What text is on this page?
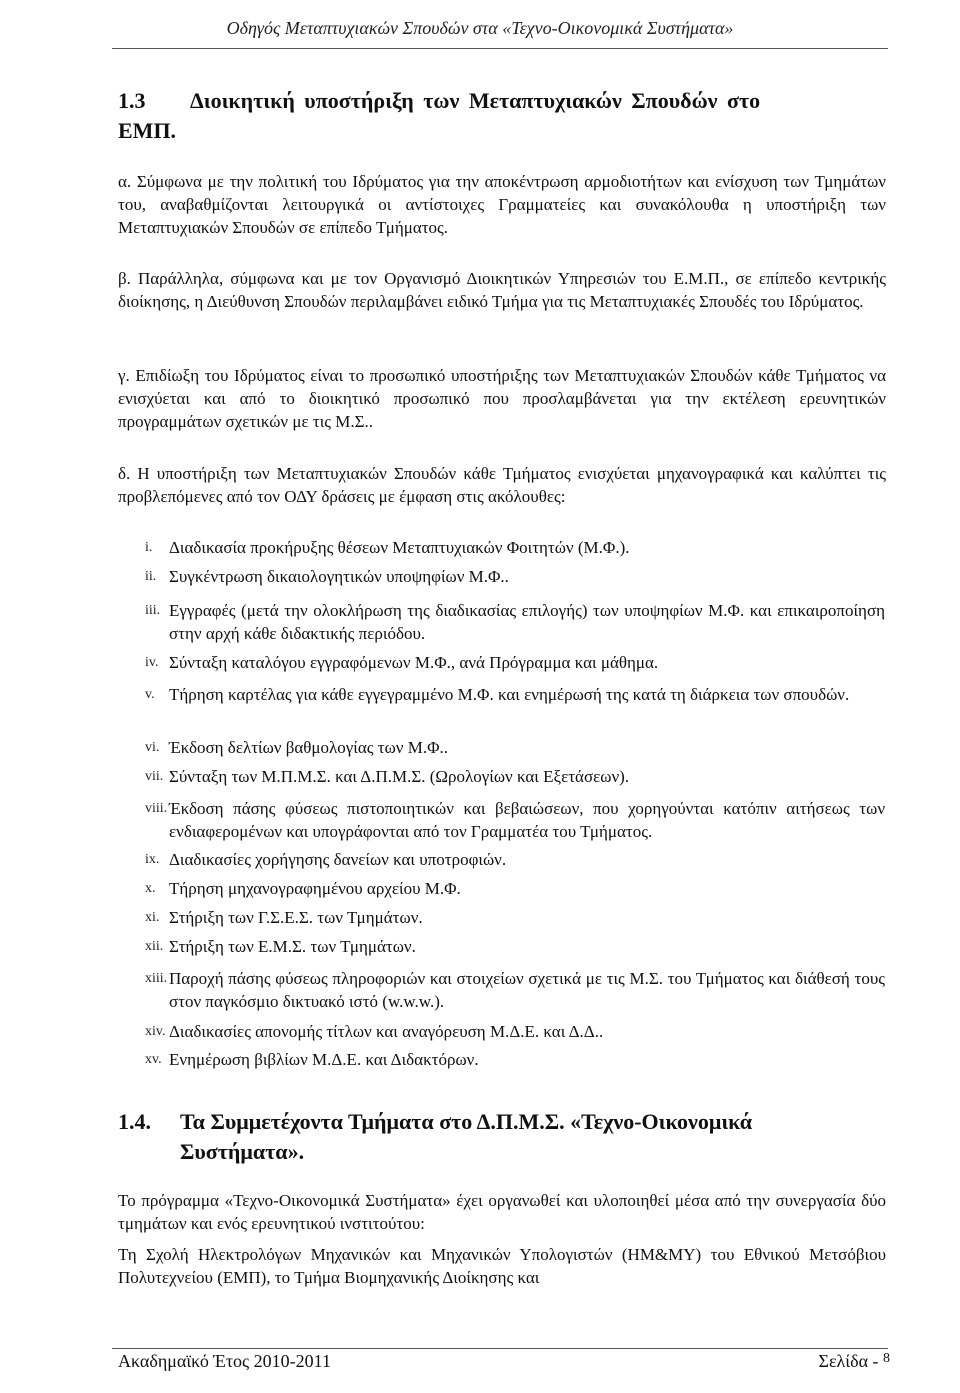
Οδηγός Μεταπτυχιακών Σπουδών στα «Τεχνο-Οικονομικά Συστήματα»
1.3 Διοικητική υποστήριξη των Μεταπτυχιακών Σπουδών στο
ΕΜΠ.

α. Σύμφωνα με την πολιτική του Ιδρύματος για την αποκέντρωση αρμοδιοτήτων και ενίσχυση των Τμημάτων του, αναβαθμίζονται λειτουργικά οι αντίστοιχες Γραμματείες και συνακόλουθα η υποστήριξη των Μεταπτυχιακών Σπουδών σε επίπεδο Τμήματος.

β. Παράλληλα, σύμφωνα και με τον Οργανισμό Διοικητικών Υπηρεσιών του Ε.Μ.Π., σε επίπεδο κεντρικής διοίκησης, η Διεύθυνση Σπουδών περιλαμβάνει ειδικό Τμήμα για τις Μεταπτυχιακές Σπουδές του Ιδρύματος.

γ. Επιδίωξη του Ιδρύματος είναι το προσωπικό υποστήριξης των Μεταπτυχιακών Σπουδών κάθε Τμήματος να ενισχύεται και από το διοικητικό προσωπικό που προσλαμβάνεται για την εκτέλεση ερευνητικών προγραμμάτων σχετικών με τις Μ.Σ..

δ. Η υποστήριξη των Μεταπτυχιακών Σπουδών κάθε Τμήματος ενισχύεται μηχανογραφικά και καλύπτει τις προβλεπόμενες από τον ΟΔΥ δράσεις με έμφαση στις ακόλουθες:

i. Διαδικασία προκήρυξης θέσεων Μεταπτυχιακών Φοιτητών (Μ.Φ.).
ii. Συγκέντρωση δικαιολογητικών υποψηφίων Μ.Φ..
iii. Εγγραφές (μετά την ολοκλήρωση της διαδικασίας επιλογής) των υποψηφίων Μ.Φ. και επικαιροποίηση στην αρχή κάθε διδακτικής περιόδου.
iv. Σύνταξη καταλόγου εγγραφόμενων Μ.Φ., ανά Πρόγραμμα και μάθημα.
v. Τήρηση καρτέλας για κάθε εγγεγραμμένο Μ.Φ. και ενημέρωσή της κατά τη διάρκεια των σπουδών.
vi. Έκδοση δελτίων βαθμολογίας των Μ.Φ..
vii. Σύνταξη των Μ.Π.Μ.Σ. και Δ.Π.Μ.Σ. (Ωρολογίων και Εξετάσεων).
viii. Έκδοση πάσης φύσεως πιστοποιητικών και βεβαιώσεων, που χορηγούνται κατόπιν αιτήσεως των ενδιαφερομένων και υπογράφονται από τον Γραμματέα του Τμήματος.
ix. Διαδικασίες χορήγησης δανείων και υποτροφιών.
x. Τήρηση μηχανογραφημένου αρχείου Μ.Φ.
xi. Στήριξη των Γ.Σ.Ε.Σ. των Τμημάτων.
xii. Στήριξη των Ε.Μ.Σ. των Τμημάτων.
xiii. Παροχή πάσης φύσεως πληροφοριών και στοιχείων σχετικά με τις Μ.Σ. του Τμήματος και διάθεσή τους στον παγκόσμιο δικτυακό ιστό (w.w.w.).
xiv. Διαδικασίες απονομής τίτλων και αναγόρευση Μ.Δ.Ε. και Δ.Δ..
xv. Ενημέρωση βιβλίων Μ.Δ.Ε. και Διδακτόρων.
1.4. Τα Συμμετέχοντα Τμήματα στο Δ.Π.Μ.Σ. «Τεχνο-Οικονομικά
Συστήματα».

Το πρόγραμμα «Τεχνο-Οικονομικά Συστήματα» έχει οργανωθεί και υλοποιηθεί μέσα από την συνεργασία δύο τμημάτων και ενός ερευνητικού ινστιτούτου:

Τη Σχολή Ηλεκτρολόγων Μηχανικών και Μηχανικών Υπολογιστών (ΗΜ&ΜΥ) του Εθνικού Μετσόβιου Πολυτεχνείου (ΕΜΠ), το Τμήμα Βιομηχανικής Διοίκησης και

Ακαδημαϊκό Έτος 2010-2011	Σελίδα - $^8$
